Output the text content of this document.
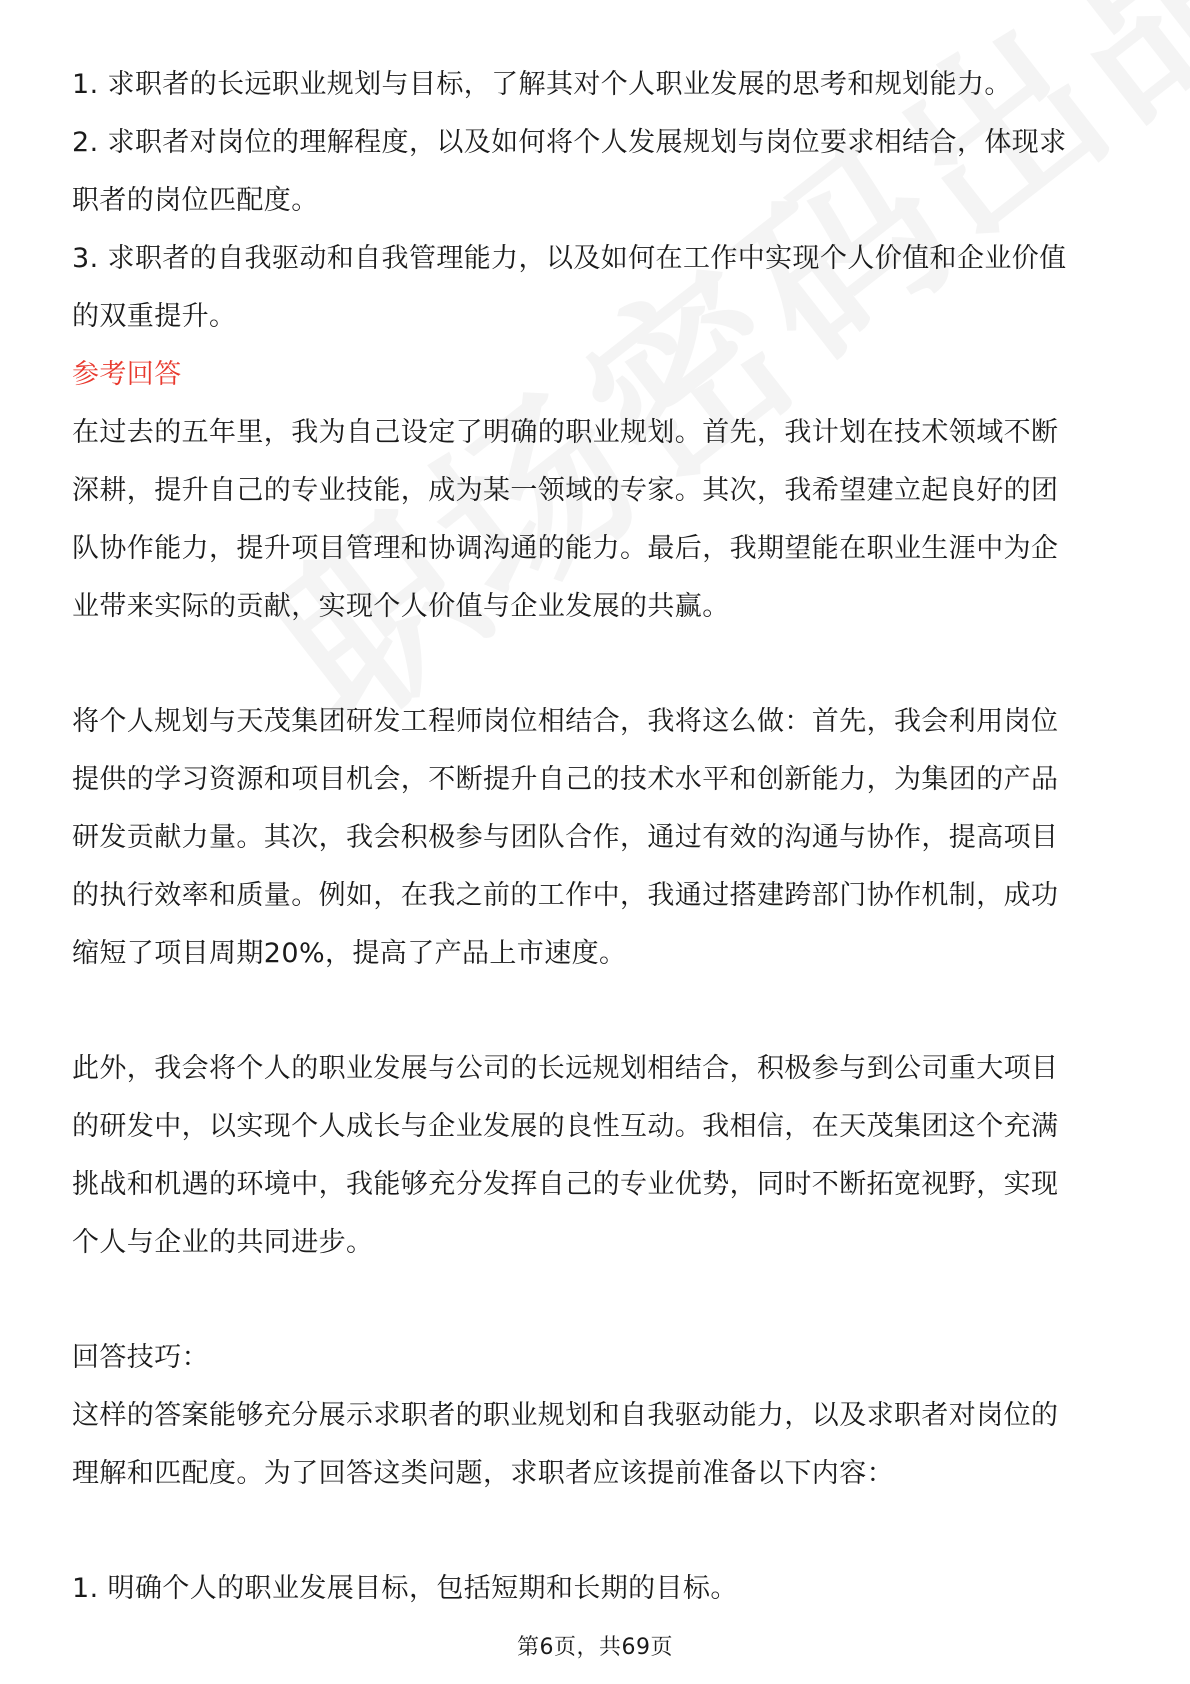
1. 求职者的长远职业规划与目标，了解其对个人职业发展的思考和规划能力。
2. 求职者对岗位的理解程度，以及如何将个人发展规划与岗位要求相结合，体现求
职者的岗位匹配度。
3. 求职者的自我驱动和自我管理能力，以及如何在工作中实现个人价值和企业价值
的双重提升。
参考回答
在过去的五年里，我为自己设定了明确的职业规划。首先，我计划在技术领域不断
深耕，提升自己的专业技能，成为某一领域的专家。其次，我希望建立起良好的团
队协作能力，提升项目管理和协调沟通的能力。最后，我期望能在职业生涯中为企
业带来实际的贡献，实现个人价值与企业发展的共赢。
将个人规划与天茂集团研发工程师岗位相结合，我将这么做：首先，我会利用岗位
提供的学习资源和项目机会，不断提升自己的技术水平和创新能力，为集团的产品
研发贡献力量。其次，我会积极参与团队合作，通过有效的沟通与协作，提高项目
的执行效率和质量。例如，在我之前的工作中，我通过搭建跨部门协作机制，成功
缩短了项目周期20%，提高了产品上市速度。
此外，我会将个人的职业发展与公司的长远规划相结合，积极参与到公司重大项目
的研发中，以实现个人成长与企业发展的良性互动。我相信，在天茂集团这个充满
挑战和机遇的环境中，我能够充分发挥自己的专业优势，同时不断拓宽视野，实现
个人与企业的共同进步。
回答技巧：
这样的答案能够充分展示求职者的职业规划和自我驱动能力，以及求职者对岗位的
理解和匹配度。为了回答这类问题，求职者应该提前准备以下内容：
1. 明确个人的职业发展目标，包括短期和长期的目标。
第6页，共69页
